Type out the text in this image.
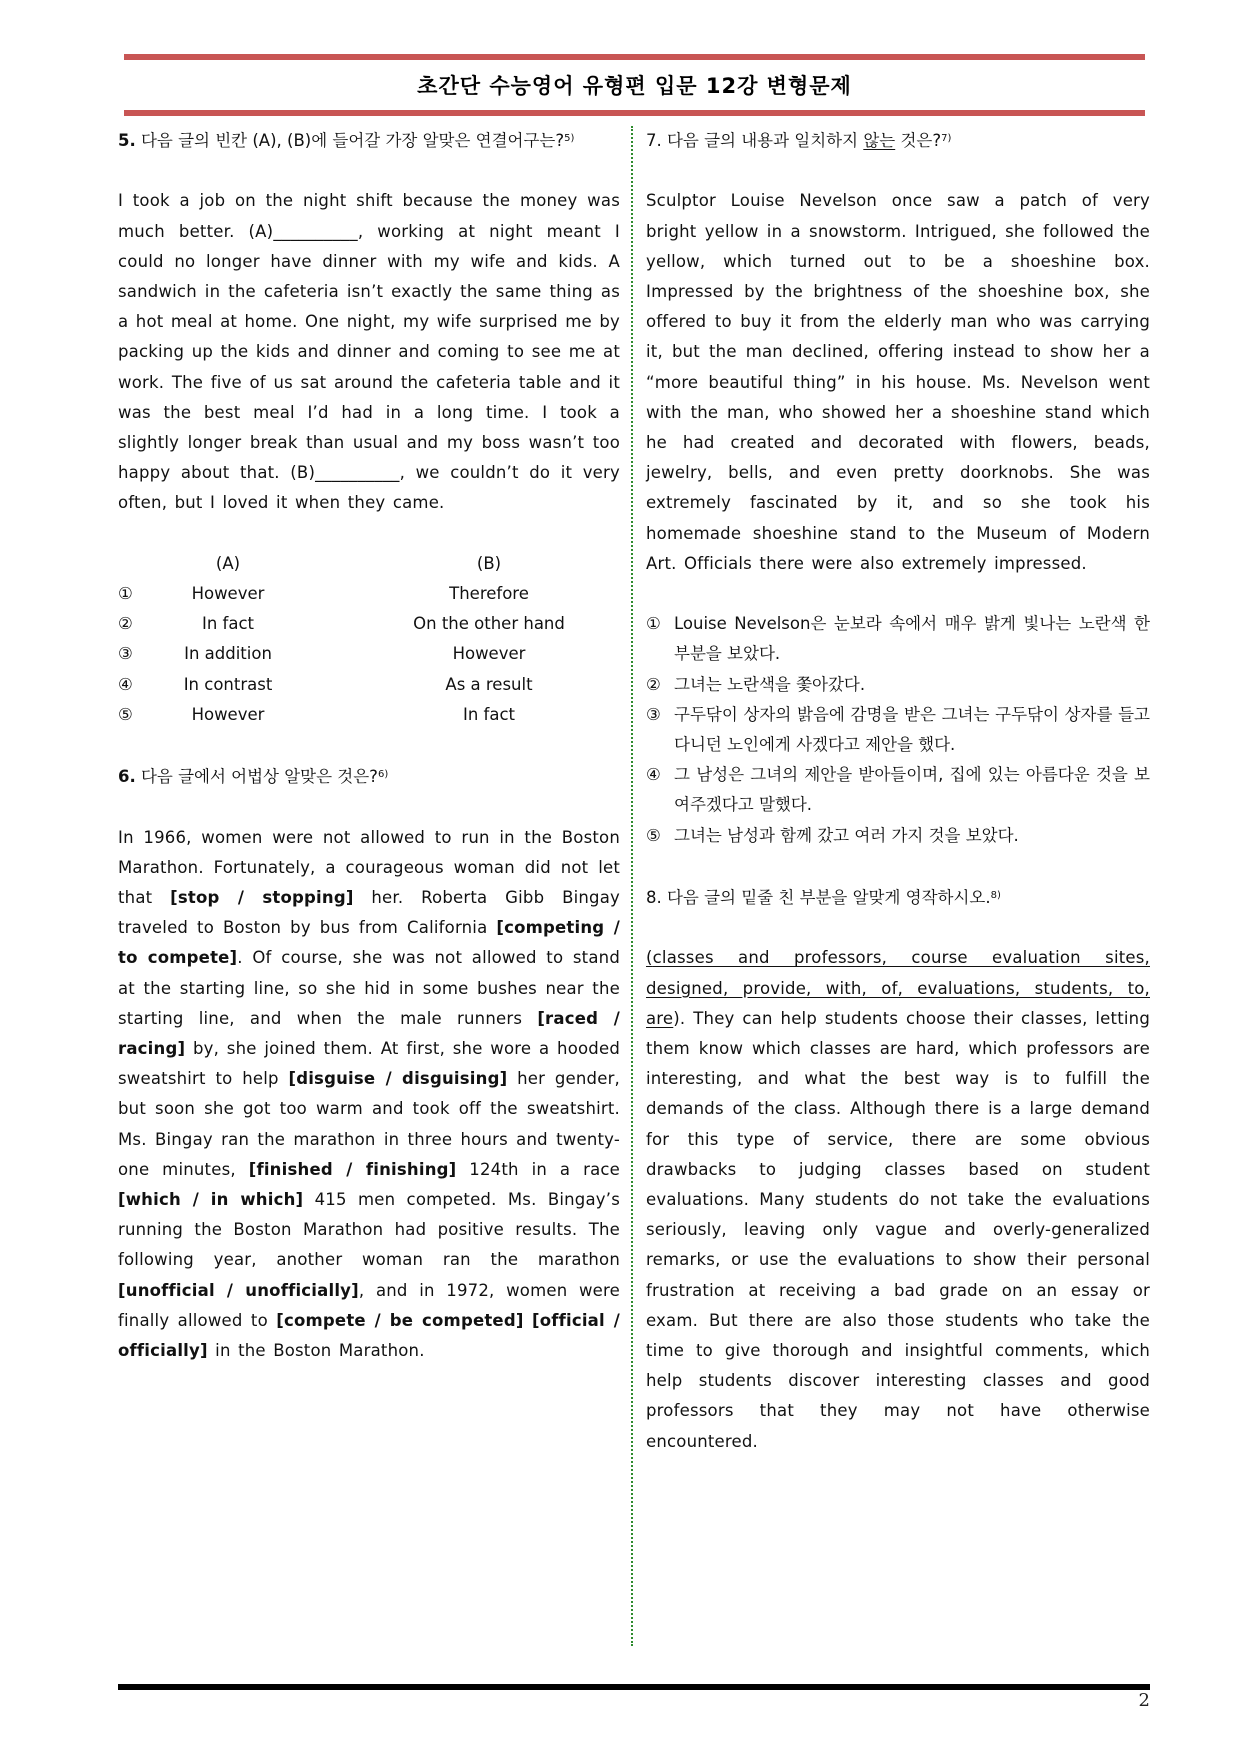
초간단 수능영어 유형편 입문 12강 변형문제
5. 다음 글의 빈칸 (A), (B)에 들어갈 가장 알맞은 연결어구는?$^{5)}$

I took a job on the night shift because the money was much better. (A)__________, working at night meant I could no longer have dinner with my wife and kids. A sandwich in the cafeteria isn’t exactly the same thing as a hot meal at home. One night, my wife surprised me by packing up the kids and dinner and coming to see me at work. The five of us sat around the cafeteria table and it was the best meal I’d had in a long time. I took a slightly longer break than usual and my boss wasn’t too happy about that. (B)__________, we couldn’t do it very often, but I loved it when they came.

	(A)	(B)
①	However	Therefore
②	In fact	On the other hand
③	In addition	However
④	In contrast	As a result
⑤	However	In fact
6. 다음 글에서 어법상 알맞은 것은?$^{6)}$

In 1966, women were not allowed to run in the Boston Marathon. Fortunately, a courageous woman did not let that [stop / stopping] her. Roberta Gibb Bingay traveled to Boston by bus from California [competing / to compete]. Of course, she was not allowed to stand at the starting line, so she hid in some bushes near the starting line, and when the male runners [raced / racing] by, she joined them. At first, she wore a hooded sweatshirt to help [disguise / disguising] her gender, but soon she got too warm and took off the sweatshirt. Ms. Bingay ran the marathon in three hours and twenty-one minutes, [finished / finishing] 124th in a race [which / in which] 415 men competed. Ms. Bingay’s running the Boston Marathon had positive results. The following year, another woman ran the marathon [unofficial / unofficially], and in 1972, women were finally allowed to [compete / be competed] [official / officially] in the Boston Marathon.

7. 다음 글의 내용과 일치하지 않는 것은?$^{7)}$

Sculptor Louise Nevelson once saw a patch of very bright yellow in a snowstorm. Intrigued, she followed the yellow, which turned out to be a shoeshine box. Impressed by the brightness of the shoeshine box, she offered to buy it from the elderly man who was carrying it, but the man declined, offering instead to show her a “more beautiful thing” in his house. Ms. Nevelson went with the man, who showed her a shoeshine stand which he had created and decorated with flowers, beads, jewelry, bells, and even pretty doorknobs. She was extremely fascinated by it, and so she took his homemade shoeshine stand to the Museum of Modern Art. Officials there were also extremely impressed.

① Louise Nevelson은 눈보라 속에서 매우 밝게 빛나는 노란색 한 부분을 보았다.
② 그녀는 노란색을 쫓아갔다.
③ 구두닦이 상자의 밝음에 감명을 받은 그녀는 구두닦이 상자를 들고 다니던 노인에게 사겠다고 제안을 했다.
④ 그 남성은 그녀의 제안을 받아들이며, 집에 있는 아름다운 것을 보여주겠다고 말했다.
⑤ 그녀는 남성과 함께 갔고 여러 가지 것을 보았다.
8. 다음 글의 밑줄 친 부분을 알맞게 영작하시오.$^{8)}$

(classes and professors, course evaluation sites, designed, provide, with, of, evaluations, students, to, are). They can help students choose their classes, letting them know which classes are hard, which professors are interesting, and what the best way is to fulfill the demands of the class. Although there is a large demand for this type of service, there are some obvious drawbacks to judging classes based on student evaluations. Many students do not take the evaluations seriously, leaving only vague and overly-generalized remarks, or use the evaluations to show their personal frustration at receiving a bad grade on an essay or exam. But there are also those students who take the time to give thorough and insightful comments, which help students discover interesting classes and good professors that they may not have otherwise encountered.

2
